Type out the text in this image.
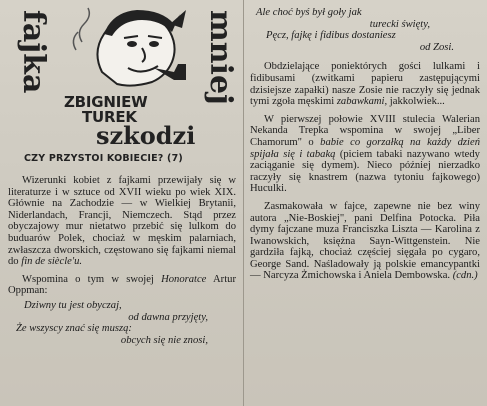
fajka	mniej
ZBIGNIEW
TUREK
szkodzi
CZY PRZYSTOI KOBIECIE? (7)

Wizerunki kobiet z fajkami przewijały się w literaturze i w sztuce od XVII wieku po wiek XIX. Głównie na Zachodzie — w Wielkiej Brytanii, Niderlandach, Francji, Niemczech. Stąd przez obyczajowy mur nietatwo przebić się lulkom do buduarów Polek, chociaż w męskim palarniach, zwłaszcza dworskich, częstowano się fajkami niemal do fin de siècle'u.

Wspomina o tym w swojej Honoratce Artur Oppman:

Dziwny tu jest obyczaj,

od dawna przyjęty,

Że wszyscy znać się muszą:

obcych się nie znosi,

Ale choć byś był goły jak

turecki święty,

Pęcz, fajkę i fidibus dostaniesz

od Zosi.

Obdzielające poniektórych gości lulkami i fidibusami (zwitkami papieru zastępującymi dzisiejsze zapałki) nasze Zosie nie raczyły się jednak tymi zgoła męskimi zabawkami, jakkolwiek...

W pierwszej połowie XVIII stulecia Walerian Nekanda Trepka wspomina w swojej „Liber Chamorum" o babie co gorzałką na każdy dzień spijała się i tabaką (piciem tabaki nazywano wtedy zaciąganie się dymem). Nieco później nierzadko raczyły się knastrem (nazwa tytoniu fajkowego) Huculki.

Zasmakowała w fajce, zapewne nie bez winy autora „Nie-Boskiej", pani Delfina Potocka. Piła dymy fajczane muza Franciszka Liszta — Karolina z Iwanowskich, księżna Sayn-Wittgenstein. Nie gardziła fajką, chociaż częściej sięgała po cygaro, George Sand. Naśladowały ją polskie emancypantki — Narcyza Żmichowska i Aniela Dembowska. (cdn.)
